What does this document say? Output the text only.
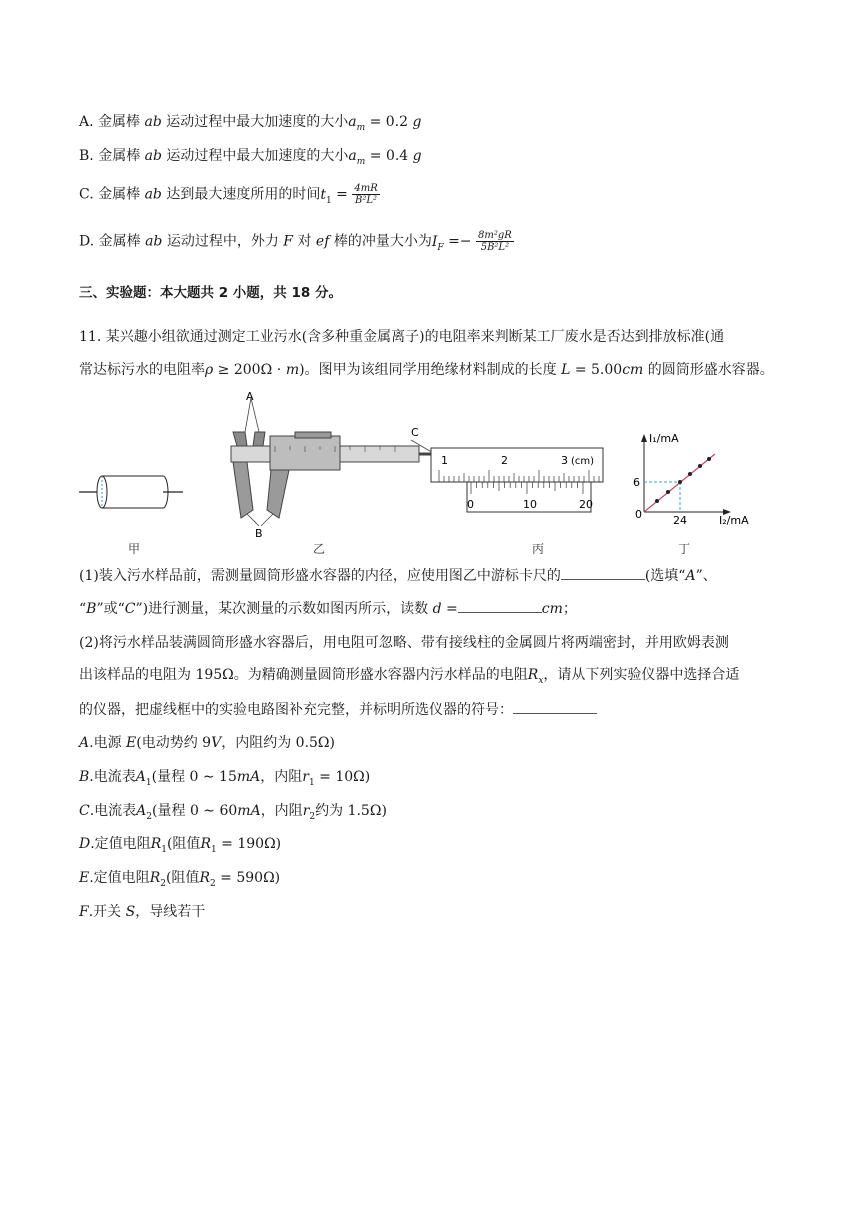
A. 金属棒 ab 运动过程中最大加速度的大小$a_m = 0.2$ g
B. 金属棒 ab 运动过程中最大加速度的大小$a_m = 0.4$ g
C. 金属棒 ab 达到最大速度所用的时间$t_1 = \frac{4mR}{\text{B²L²}}$
D. 金属棒 ab 运动过程中，外力 F 对 ef 棒的冲量大小为$I_F =- \frac{\text{8m²gR}}{\text{5B²L²}}$
三、实验题：本大题共 2 小题，共 18 分。
11. 某兴趣小组欲通过测定工业污水(含多种重金属离子)的电阻率来判断某工厂废水是否达到排放标准(通
常达标污水的电阻率ρ ≥ 200Ω ⋅ m)。图甲为该组同学用绝缘材料制成的长度 L = 5.00cm 的圆筒形盛水容器。
A
B
C
1	2	3 (cm)
0	10	20
I₁/mA
I₂/mA
6
24
0
甲	乙	丙	丁
(1)装入污水样品前，需测量圆筒形盛水容器的内径，应使用图乙中游标卡尺的	(选填“A”、
“B”或“C”)进行测量，某次测量的示数如图丙所示，读数 d =	cm；
(2)将污水样品装满圆筒形盛水容器后，用电阻可忽略、带有接线柱的金属圆片将两端密封，并用欧姆表测
出该样品的电阻为 195Ω。为精确测量圆筒形盛水容器内污水样品的电阻$R_x$，请从下列实验仪器中选择合适
的仪器，把虚线框中的实验电路图补充完整，并标明所选仪器的符号：
A.电源 E(电动势约 9V，内阻约为 0.5Ω)
B.电流表$A_1$(量程 0 ∼ 15mA，内阻$r_1 = 10\Omega$)
C.电流表$A_2$(量程 0 ∼ 60mA，内阻$r_2$约为 1.5Ω)
D.定值电阻$R_1$(阻值$R_1 = 190\Omega$)
E.定值电阻$R_2$(阻值$R_2 = 590\Omega$)
F.开关 S，导线若干
